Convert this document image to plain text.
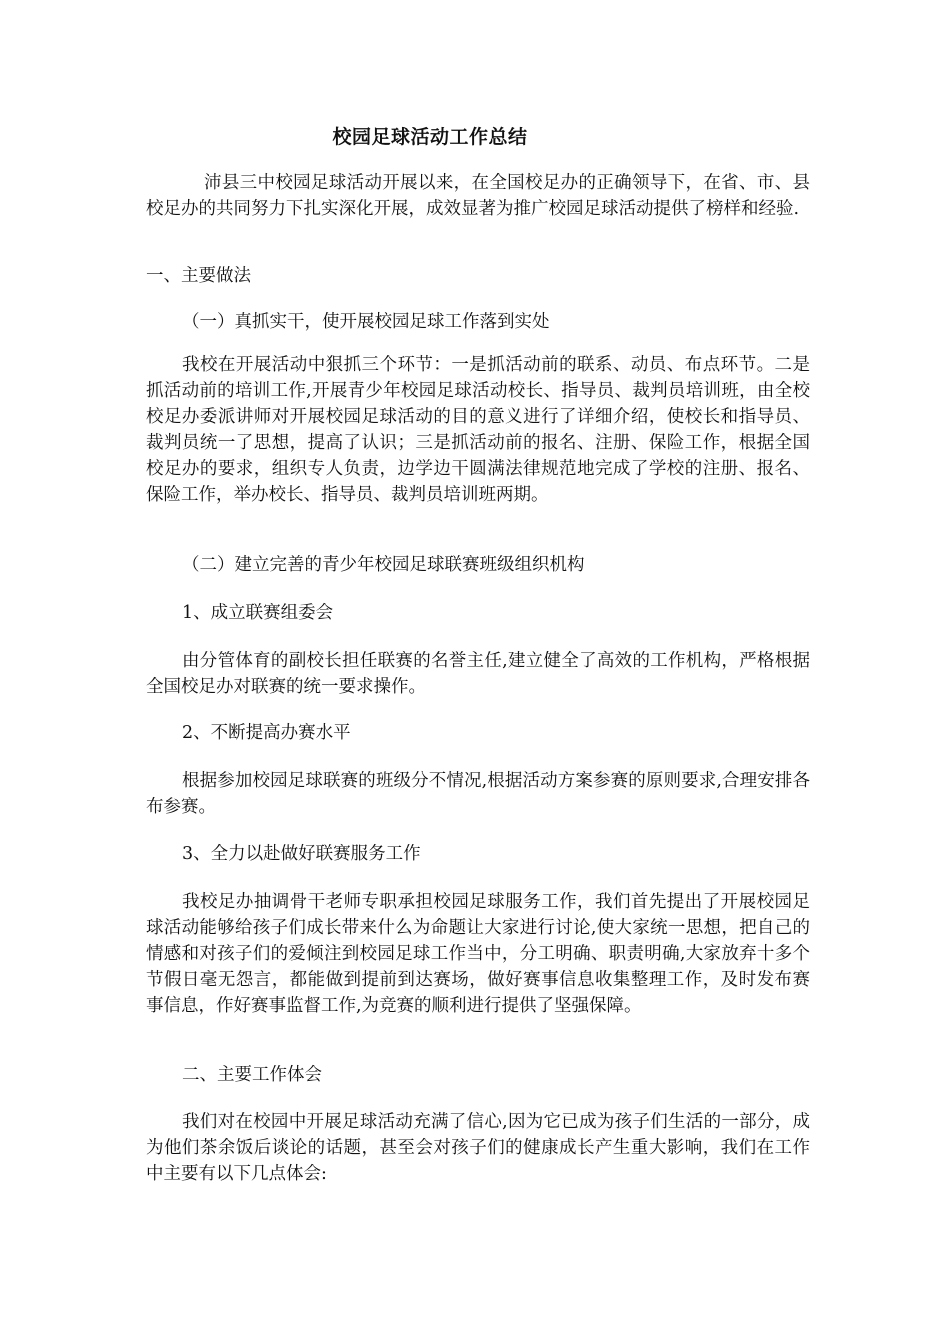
校园足球活动工作总结

沛县三中校园足球活动开展以来，在全国校足办的正确领导下，在省、市、县校足办的共同努力下扎实深化开展，成效显著为推广校园足球活动提供了榜样和经验.

一、主要做法

（一）真抓实干，使开展校园足球工作落到实处

我校在开展活动中狠抓三个环节：一是抓活动前的联系、动员、布点环节。二是抓活动前的培训工作,开展青少年校园足球活动校长、指导员、裁判员培训班，由全校校足办委派讲师对开展校园足球活动的目的意义进行了详细介绍，使校长和指导员、裁判员统一了思想，提高了认识；三是抓活动前的报名、注册、保险工作，根据全国校足办的要求，组织专人负责，边学边干圆满法律规范地完成了学校的注册、报名、保险工作，举办校长、指导员、裁判员培训班两期。

（二）建立完善的青少年校园足球联赛班级组织机构

1、成立联赛组委会

由分管体育的副校长担任联赛的名誉主任,建立健全了高效的工作机构，严格根据全国校足办对联赛的统一要求操作。

2、不断提高办赛水平

根据参加校园足球联赛的班级分不情况,根据活动方案参赛的原则要求,合理安排各布参赛。

3、全力以赴做好联赛服务工作

我校足办抽调骨干老师专职承担校园足球服务工作，我们首先提出了开展校园足球活动能够给孩子们成长带来什么为命题让大家进行讨论,使大家统一思想，把自己的情感和对孩子们的爱倾注到校园足球工作当中，分工明确、职责明确,大家放弃十多个节假日毫无怨言，都能做到提前到达赛场，做好赛事信息收集整理工作，及时发布赛事信息，作好赛事监督工作,为竞赛的顺利进行提供了坚强保障。

二、主要工作体会

我们对在校园中开展足球活动充满了信心,因为它已成为孩子们生活的一部分，成为他们茶余饭后谈论的话题，甚至会对孩子们的健康成长产生重大影响，我们在工作中主要有以下几点体会:
